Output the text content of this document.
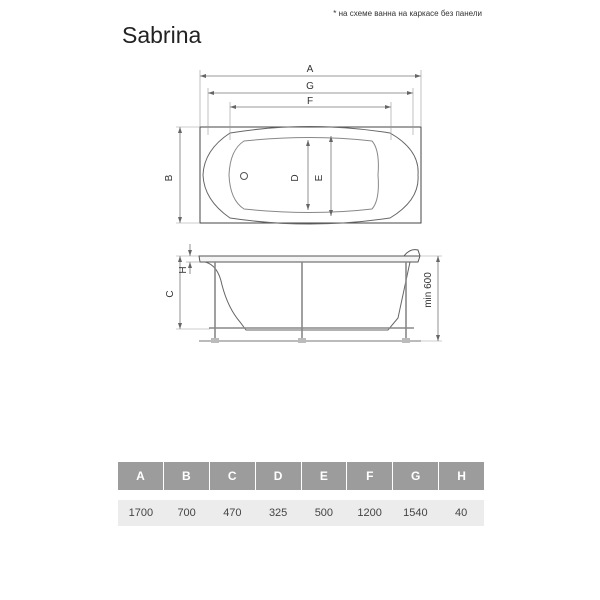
* на схеме ванна на каркасе без панели
Sabrina
A
G
F
B	D E
H
C	min 600
A	B	C	D	E	F	G	H
1700	700	470	325	500	1200	1540	40
